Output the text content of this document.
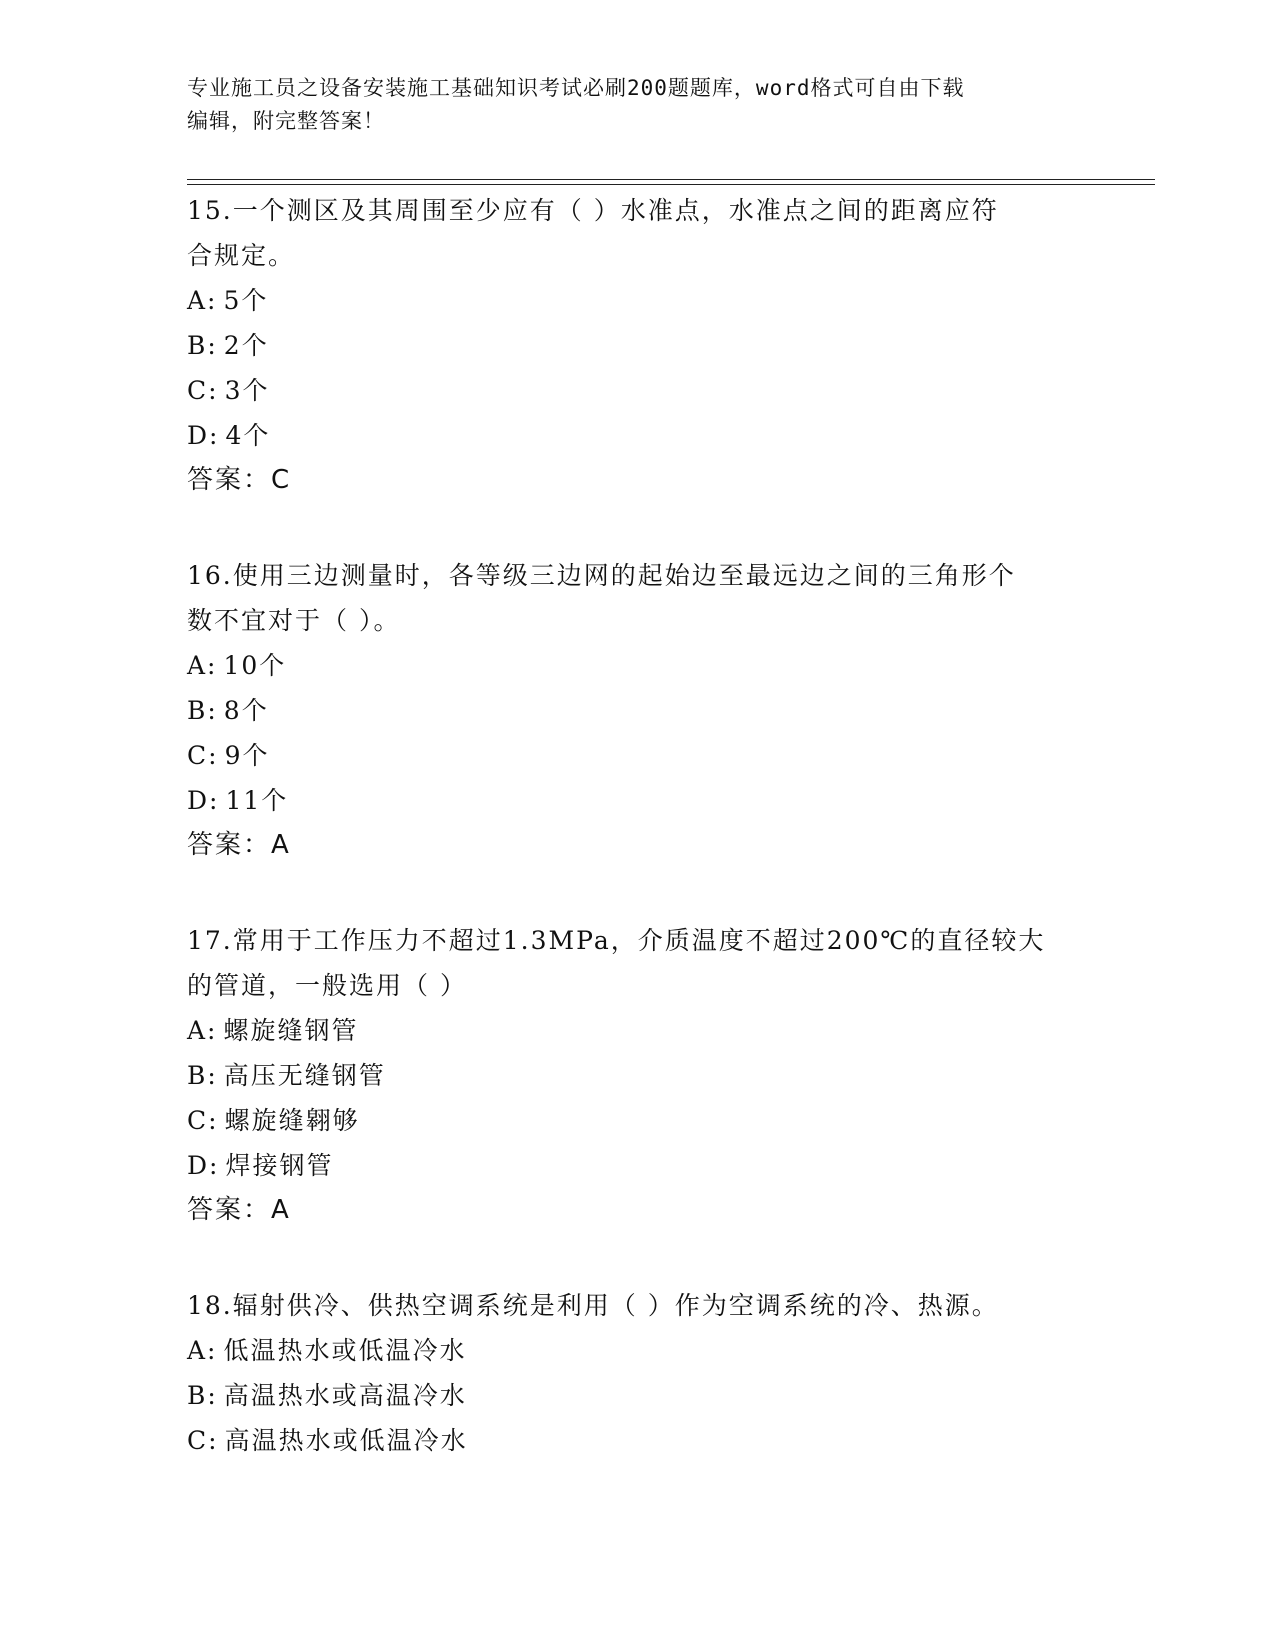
专业施工员之设备安装施工基础知识考试必刷200题题库，word格式可自由下载
编辑，附完整答案！
15.一个测区及其周围至少应有（ ）水准点，水准点之间的距离应符
合规定。
A: 5个
B: 2个
C: 3个
D: 4个
答案：C
16.使用三边测量时，各等级三边网的起始边至最远边之间的三角形个
数不宜对于（ ）。
A: 10个
B: 8个
C: 9个
D: 11个
答案：A
17.常用于工作压力不超过1.3MPa，介质温度不超过200℃的直径较大
的管道，一般选用（ ）
A: 螺旋缝钢管
B: 高压无缝钢管
C: 螺旋缝翱够
D: 焊接钢管
答案：A
18.辐射供冷、供热空调系统是利用（ ）作为空调系统的冷、热源。
A: 低温热水或低温冷水
B: 高温热水或高温冷水
C: 高温热水或低温冷水
